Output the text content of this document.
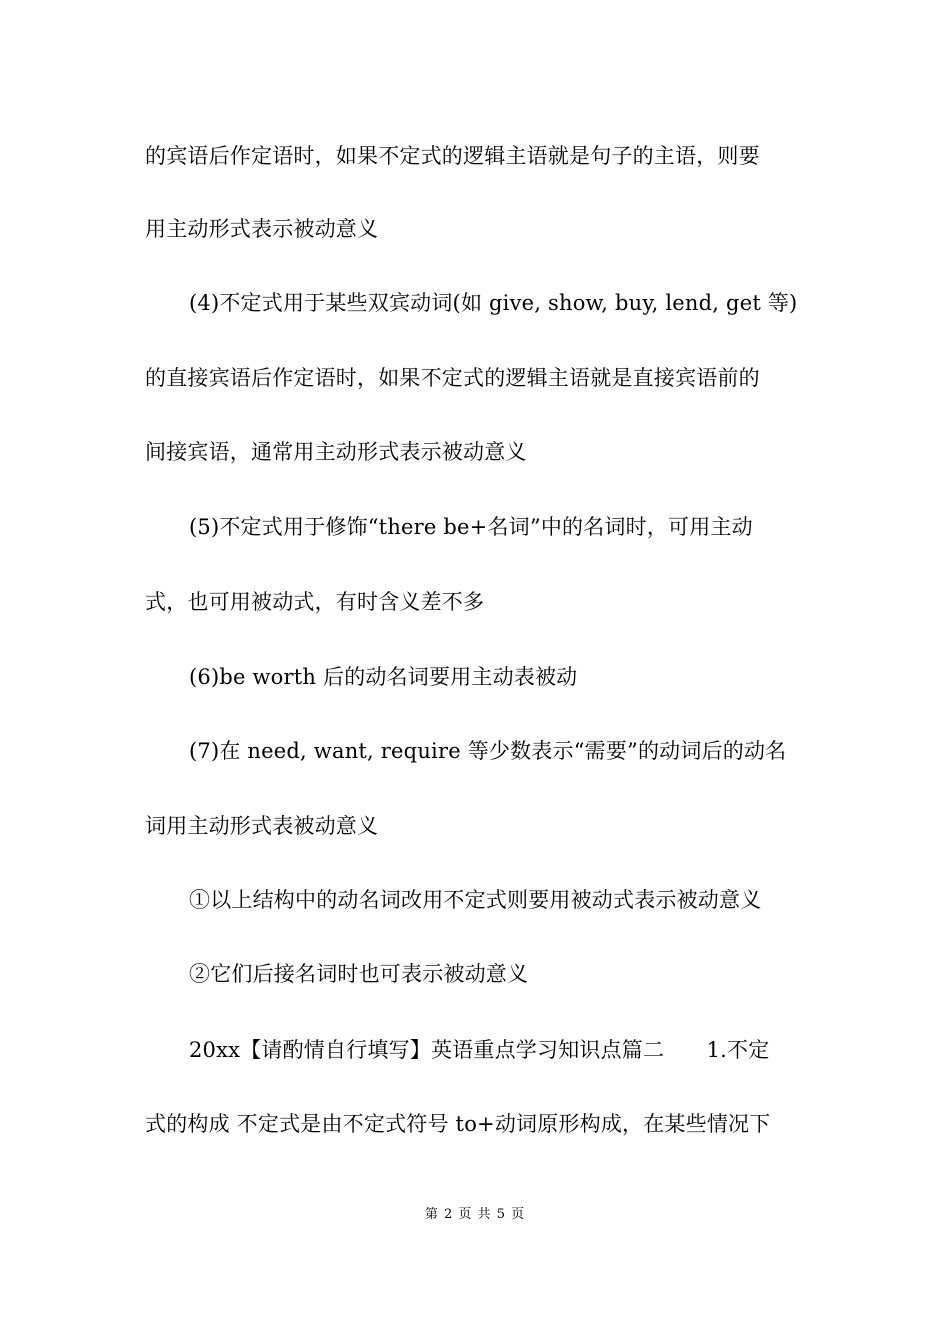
的宾语后作定语时，如果不定式的逻辑主语就是句子的主语，则要
用主动形式表示被动意义
(4)不定式用于某些双宾动词(如 give, show, buy, lend, get 等)
的直接宾语后作定语时，如果不定式的逻辑主语就是直接宾语前的
间接宾语，通常用主动形式表示被动意义
(5)不定式用于修饰“there be+名词”中的名词时，可用主动
式，也可用被动式，有时含义差不多
(6)be worth 后的动名词要用主动表被动
(7)在 need, want, require 等少数表示“需要”的动词后的动名
词用主动形式表被动意义
①以上结构中的动名词改用不定式则要用被动式表示被动意义
②它们后接名词时也可表示被动意义
20xx【请酌情自行填写】英语重点学习知识点篇二　　1.不定
式的构成 不定式是由不定式符号 to+动词原形构成，在某些情况下
第 2 页 共 5 页
